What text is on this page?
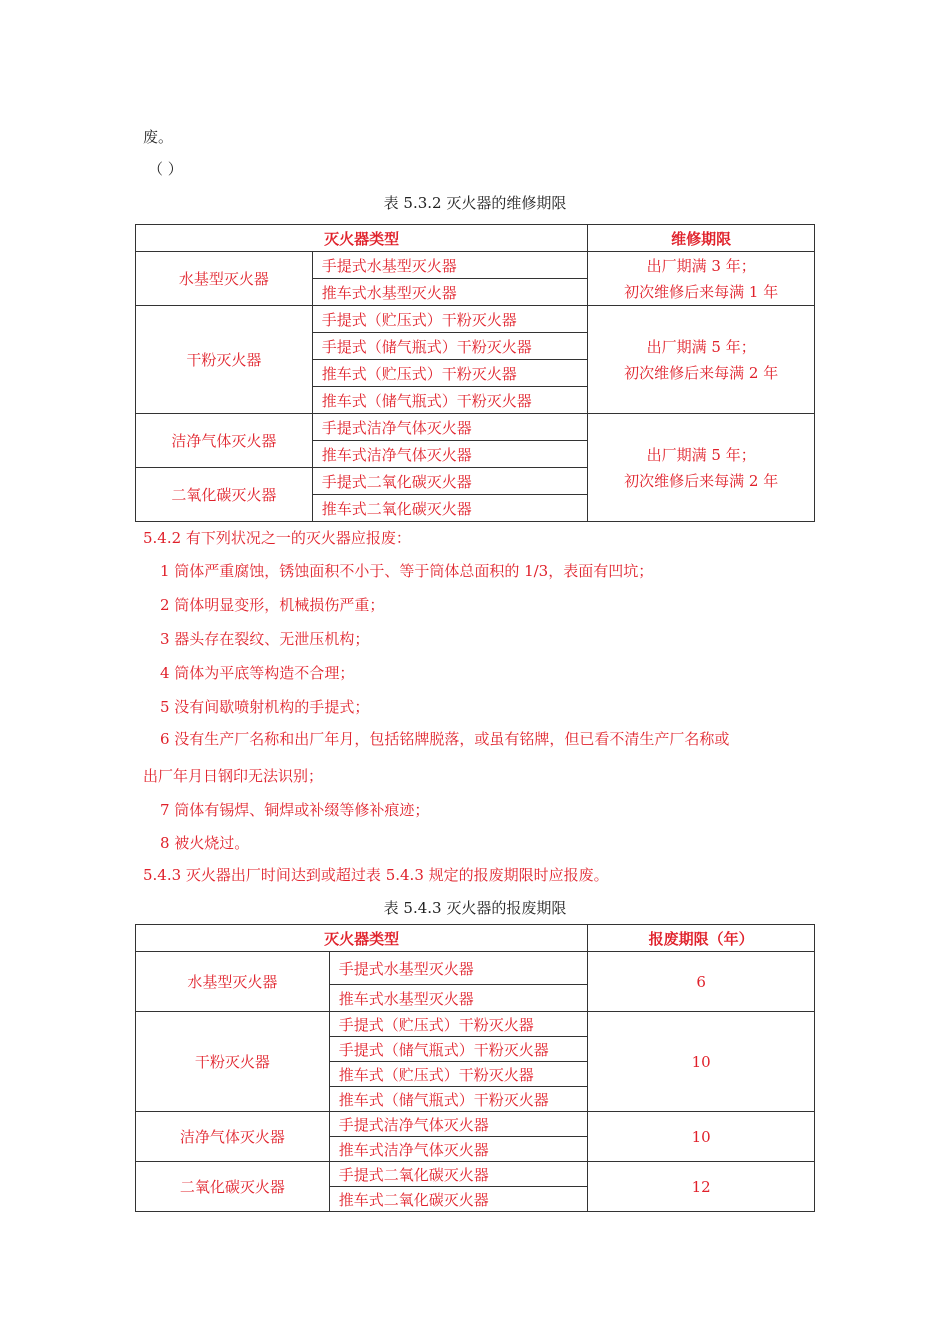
废。
（ ）
表 5.3.2 灭火器的维修期限
灭火器类型		维修期限
水基型灭火器	手提式水基型灭火器	出厂期满 3 年；
初次维修后来每满 1 年

	推车式水基型灭火器	
干粉灭火器	手提式（贮压式）干粉灭火器	出厂期满 5 年；
初次维修后来每满 2 年

	手提式（储气瓶式）干粉灭火器	
	推车式（贮压式）干粉灭火器	
	推车式（储气瓶式）干粉灭火器	
洁净气体灭火器	手提式洁净气体灭火器	出厂期满 5 年；
初次维修后来每满 2 年

	推车式洁净气体灭火器	
二氧化碳灭火器	手提式二氧化碳灭火器	
	推车式二氧化碳灭火器	
5.4.2 有下列状况之一的灭火器应报废：
1 筒体严重腐蚀，锈蚀面积不小于、等于筒体总面积的 1/3，表面有凹坑；
2 筒体明显变形，机械损伤严重；
3 器头存在裂纹、无泄压机构；
4 筒体为平底等构造不合理；
5 没有间歇喷射机构的手提式；
6 没有生产厂名称和出厂年月，包括铭牌脱落，或虽有铭牌，但已看不清生产厂名称或
出厂年月日钢印无法识别；
7 筒体有锡焊、铜焊或补缀等修补痕迹；
8 被火烧过。
5.4.3 灭火器出厂时间达到或超过表 5.4.3 规定的报废期限时应报废。
表 5.4.3 灭火器的报废期限
灭火器类型		报废期限（年）
水基型灭火器	手提式水基型灭火器	6
	推车式水基型灭火器	
干粉灭火器	手提式（贮压式）干粉灭火器	10
	手提式（储气瓶式）干粉灭火器	
	推车式（贮压式）干粉灭火器	
	推车式（储气瓶式）干粉灭火器	
洁净气体灭火器	手提式洁净气体灭火器	10
	推车式洁净气体灭火器	
二氧化碳灭火器	手提式二氧化碳灭火器	12
	推车式二氧化碳灭火器	
